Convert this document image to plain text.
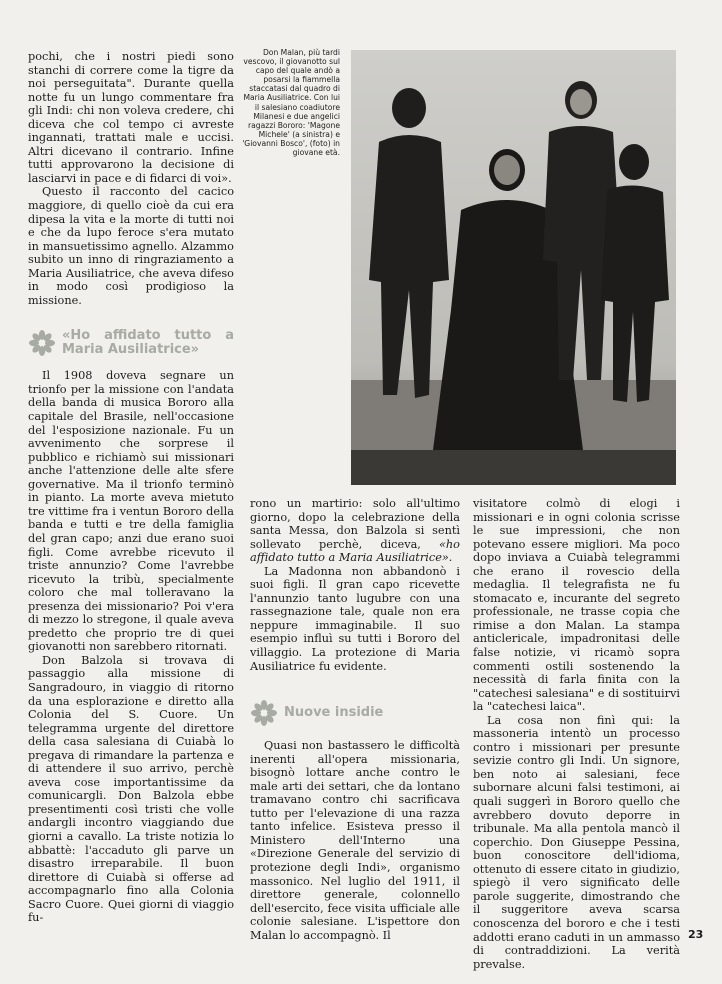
pochi, che i nostri piedi sono stanchi di correre come la tigre da noi perseguitata". Durante quella notte fu un lungo commentare fra gli Indi: chi non voleva credere, chi diceva che col tempo ci avreste ingannati, trattati male e uccisi. Altri dicevano il contrario. Infine tutti approvarono la decisione di lasciarvi in pace e di fidarci di voi».

Questo il racconto del cacico maggiore, di quello cioè da cui era dipesa la vita e la morte di tutti noi e che da lupo feroce s'era mutato in mansuetissimo agnello. Alzammo subito un inno di ringraziamento a Maria Ausiliatrice, che aveva difeso in modo così prodigioso la missione.

«Ho affidato tutto a Maria Ausiliatrice»

Il 1908 doveva segnare un trionfo per la missione con l'andata della banda di musica Bororo alla capitale del Brasile, nell'occasione del l'esposizione nazionale. Fu un avvenimento che sorprese il pubblico e richiamò sui missionari anche l'attenzione delle alte sfere governative. Ma il trionfo terminò in pianto. La morte aveva mietuto tre vittime fra i ventun Bororo della banda e tutti e tre della famiglia del gran capo; anzi due erano suoi figli. Come avrebbe ricevuto il triste annunzio? Come l'avrebbe ricevuto la tribù, specialmente coloro che mal tolleravano la presenza dei missionario? Poi v'era di mezzo lo stregone, il quale aveva predetto che proprio tre di quei giovanotti non sarebbero ritornati.

Don Balzola si trovava di passaggio alla missione di Sangradouro, in viaggio di ritorno da una esplorazione e diretto alla Colonia del S. Cuore. Un telegramma urgente del direttore della casa salesiana di Cuiabà lo pregava di rimandare la partenza e di attendere il suo arrivo, perchè aveva cose importantissime da comunicargli. Don Balzola ebbe presentimenti così tristi che volle andargli incontro viaggiando due giorni a cavallo. La triste notizia lo abbattè: l'accaduto gli parve un disastro irreparabile. Il buon direttore di Cuiabà si offerse ad accompagnarlo fino alla Colonia Sacro Cuore. Quei giorni di viaggio fu-

Don Malan, più tardi vescovo, il giovanotto sul capo del quale andò a posarsi la fiammella staccatasi dal quadro di Maria Ausiliatrice. Con lui il salesiano coadiutore Milanesi e due angelici ragazzi Bororo: 'Magone Michele' (a sinistra) e 'Giovanni Bosco', (foto) in giovane età.

rono un martirio: solo all'ultimo giorno, dopo la celebrazione della santa Messa, don Balzola si sentì sollevato perchè, diceva, «ho affidato tutto a Maria Ausiliatrice».

La Madonna non abbandonò i suoi figli. Il gran capo ricevette l'annunzio tanto lugubre con una rassegnazione tale, quale non era neppure immaginabile. Il suo esempio influì su tutti i Bororo del villaggio. La protezione di Maria Ausiliatrice fu evidente.

Nuove insidie

Quasi non bastassero le difficoltà inerenti all'opera missionaria, bisognò lottare anche contro le male arti dei settari, che da lontano tramavano contro chi sacrificava tutto per l'elevazione di una razza tanto infelice. Esisteva presso il Ministero dell'Interno una «Direzione Generale del servizio di protezione degli Indi», organismo massonico. Nel luglio del 1911, il direttore generale, colonnello dell'esercito, fece visita ufficiale alle colonie salesiane. L'ispettore don Malan lo accompagnò. Il

visitatore colmò di elogi i missionari e in ogni colonia scrisse le sue impressioni, che non potevano essere migliori. Ma poco dopo inviava a Cuiabà telegrammi che erano il rovescio della medaglia. Il telegrafista ne fu stomacato e, incurante del segreto professionale, ne trasse copia che rimise a don Malan. La stampa anticlericale, impadronitasi delle false notizie, vi ricamò sopra commenti ostili sostenendo la necessità di farla finita con la "catechesi salesiana" e di sostituirvi la "catechesi laica".

La cosa non finì qui: la massoneria intentò un processo contro i missionari per presunte sevizie contro gli Indi. Un signore, ben noto ai salesiani, fece subornare alcuni falsi testimoni, ai quali suggerì in Bororo quello che avrebbero dovuto deporre in tribunale. Ma alla pentola mancò il coperchio. Don Giuseppe Pessina, buon conoscitore dell'idioma, ottenuto di essere citato in giudizio, spiegò il vero significato delle parole suggerite, dimostrando che il suggeritore aveva scarsa conoscenza del bororo e che i testi addotti erano caduti in un ammasso di contraddizioni. La verità prevalse.

23
